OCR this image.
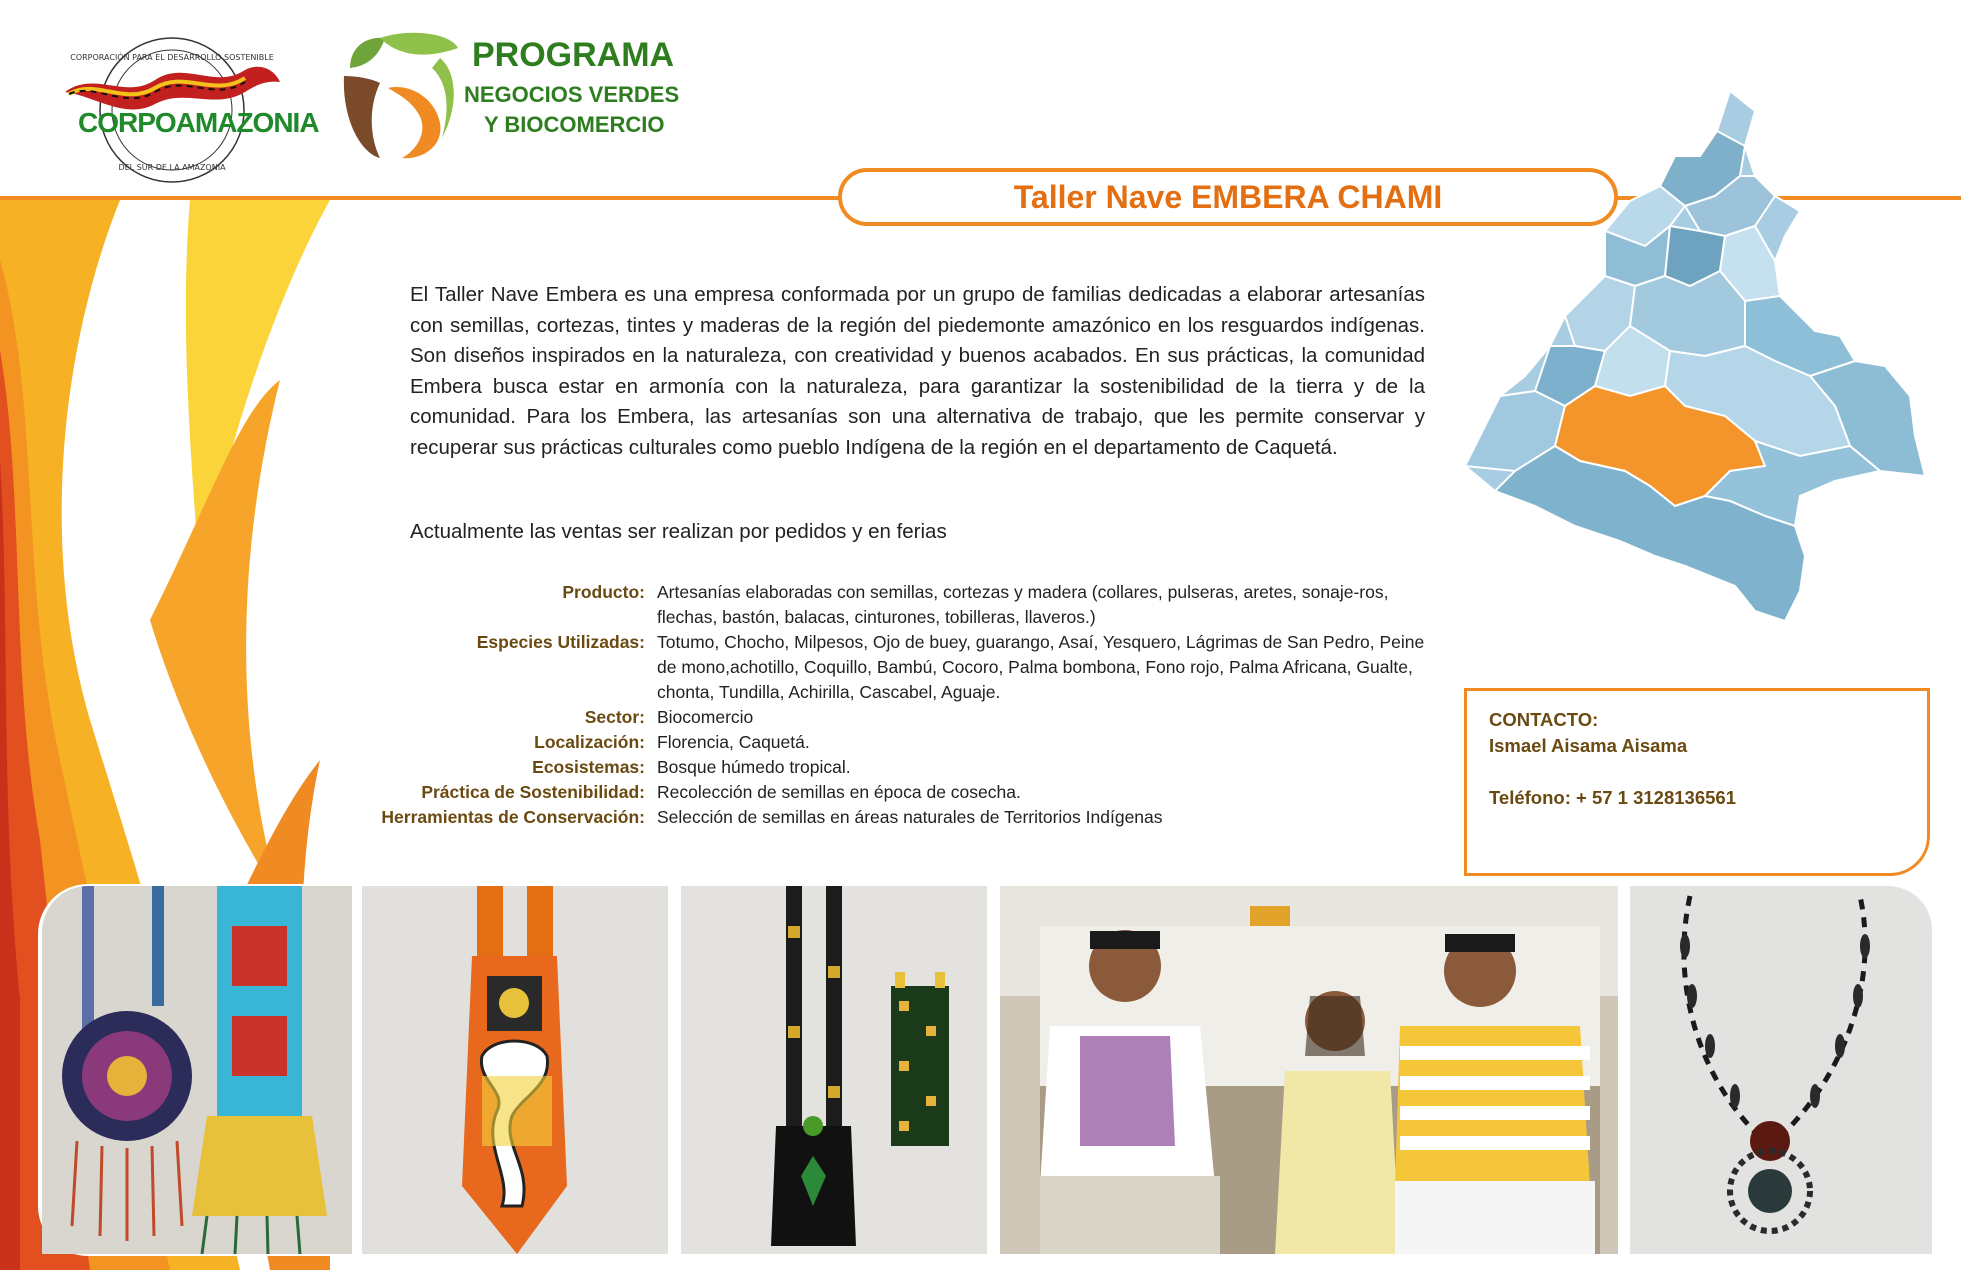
CORPORACIÓN PARA EL DESARROLLO SOSTENIBLE
DEL SUR DE LA AMAZONIA
CORPOAMAZONIA
PROGRAMA
NEGOCIOS VERDES
Y BIOCOMERCIO
Taller Nave EMBERA CHAMI

El Taller Nave Embera es una empresa conformada por un grupo de familias dedicadas a elaborar artesanías con semillas, cortezas, tintes y maderas de la región del piedemonte amazónico en los resguardos indígenas. Son diseños inspirados en la naturaleza, con creatividad y buenos acabados. En sus prácticas, la comunidad Embera busca estar en armonía con la naturaleza, para garantizar la sostenibilidad de la tierra y de la comunidad. Para los Embera, las artesanías son una alternativa de trabajo, que les permite conservar y recuperar sus prácticas culturales como pueblo Indígena de la región en el departamento de Caquetá.

Actualmente las ventas ser realizan por pedidos y en ferias
Producto: Artesanías elaboradas con semillas, cortezas y madera (collares, pulseras, aretes, sonaje-ros, flechas, bastón, balacas, cinturones, tobilleras, llaveros.)
Especies Utilizadas: Totumo, Chocho, Milpesos, Ojo de buey, guarango, Asaí, Yesquero, Lágrimas de San Pedro, Peine de mono,achotillo, Coquillo, Bambú, Cocoro, Palma bombona, Fono rojo, Palma Africana, Gualte, chonta, Tundilla, Achirilla, Cascabel, Aguaje.
Sector: Biocomercio
Localización: Florencia, Caquetá.
Ecosistemas: Bosque húmedo tropical.
Práctica de Sostenibilidad: Recolección de semillas en época de cosecha.
Herramientas de Conservación: Selección de semillas en áreas naturales de Territorios Indígenas
CONTACTO:
Ismael Aisama Aisama
Teléfono: + 57 1 3128136561
